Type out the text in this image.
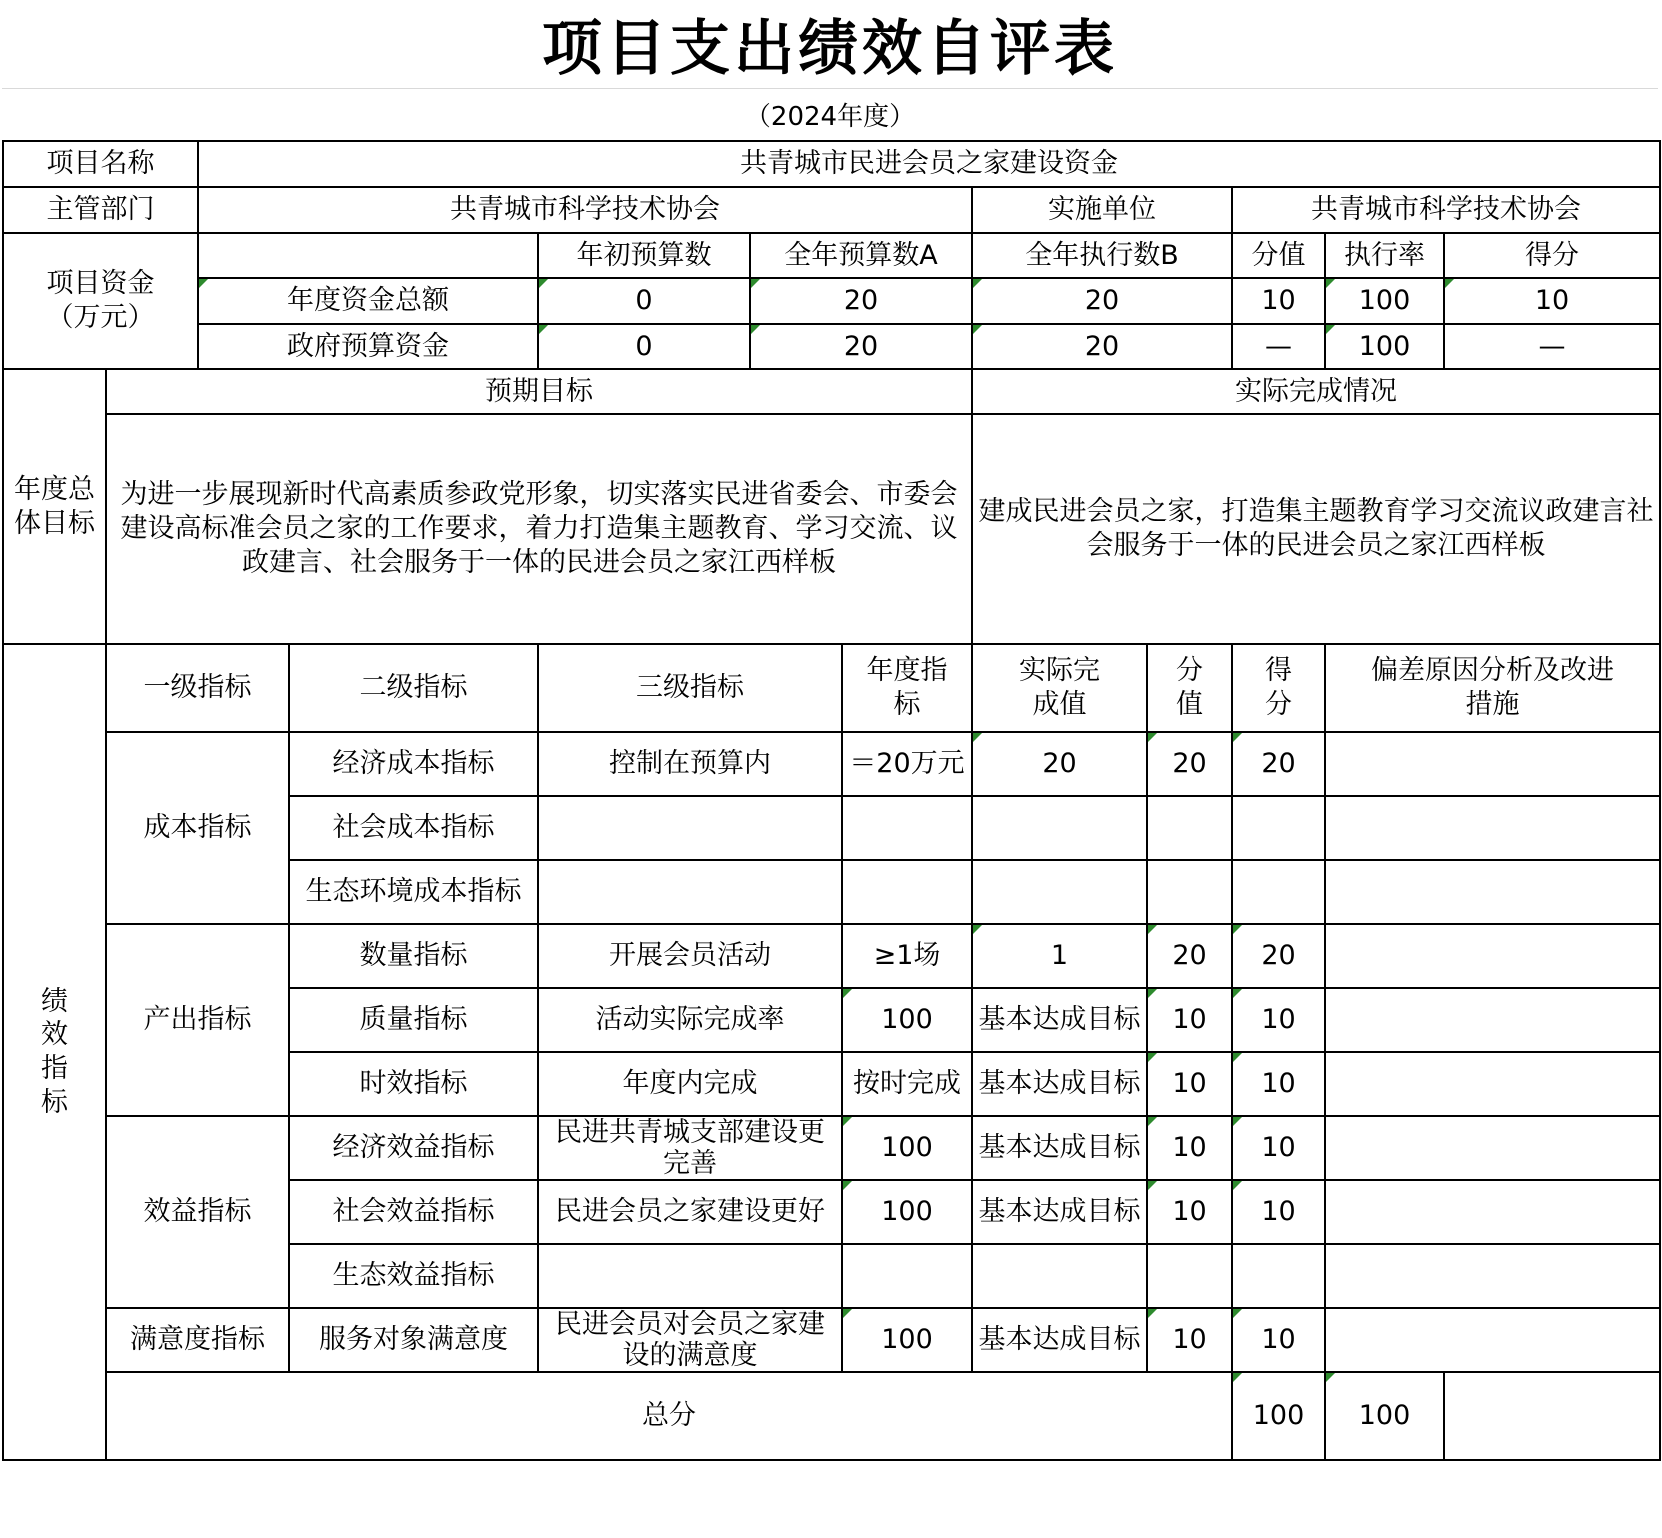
项目支出绩效自评表
（2024年度）
项目名称		共青城市民进会员之家建设资金									
主管部门		共青城市科学技术协会					实施单位		共青城市科学技术协会		

项目资金
（万元）				年初预算数	全年预算数A		全年执行数B		分值	执行率	得分
		年度资金总额		0	20		20		10	100	10
		政府预算资金		0	20		20		—	100	—
年度总体目标	预期目标						实际完成情况				
	为进一步展现新时代高素质参政党形象，切实落实民进省委会、市委会建设高标准会员之家的工作要求，着力打造集主题教育、学习交流、议政建言、社会服务于一体的民进会员之家江西样板						建成民进会员之家，打造集主题教育学习交流议政建言社会服务于一体的民进会员之家江西样板				

绩效指标	一级指标		二级指标	三级指标		年度指标	实际完成值	分值	得分	偏差原因分析及改进措施	
	成本指标		经济成本指标	控制在预算内		＝20万元	20	20	20		
			社会成本指标								
			生态环境成本指标								
	产出指标		数量指标	开展会员活动		≥1场	1	20	20		
			质量指标	活动实际完成率		100	基本达成目标	10	10		
			时效指标	年度内完成		按时完成	基本达成目标	10	10		
	效益指标		经济效益指标	民进共青城支部建设更完善		100	基本达成目标	10	10		
			社会效益指标	民进会员之家建设更好		100	基本达成目标	10	10		
			生态效益指标								
	满意度指标		服务对象满意度	民进会员对会员之家建设的满意度		100	基本达成目标	10	10		
	总分								100	100	
